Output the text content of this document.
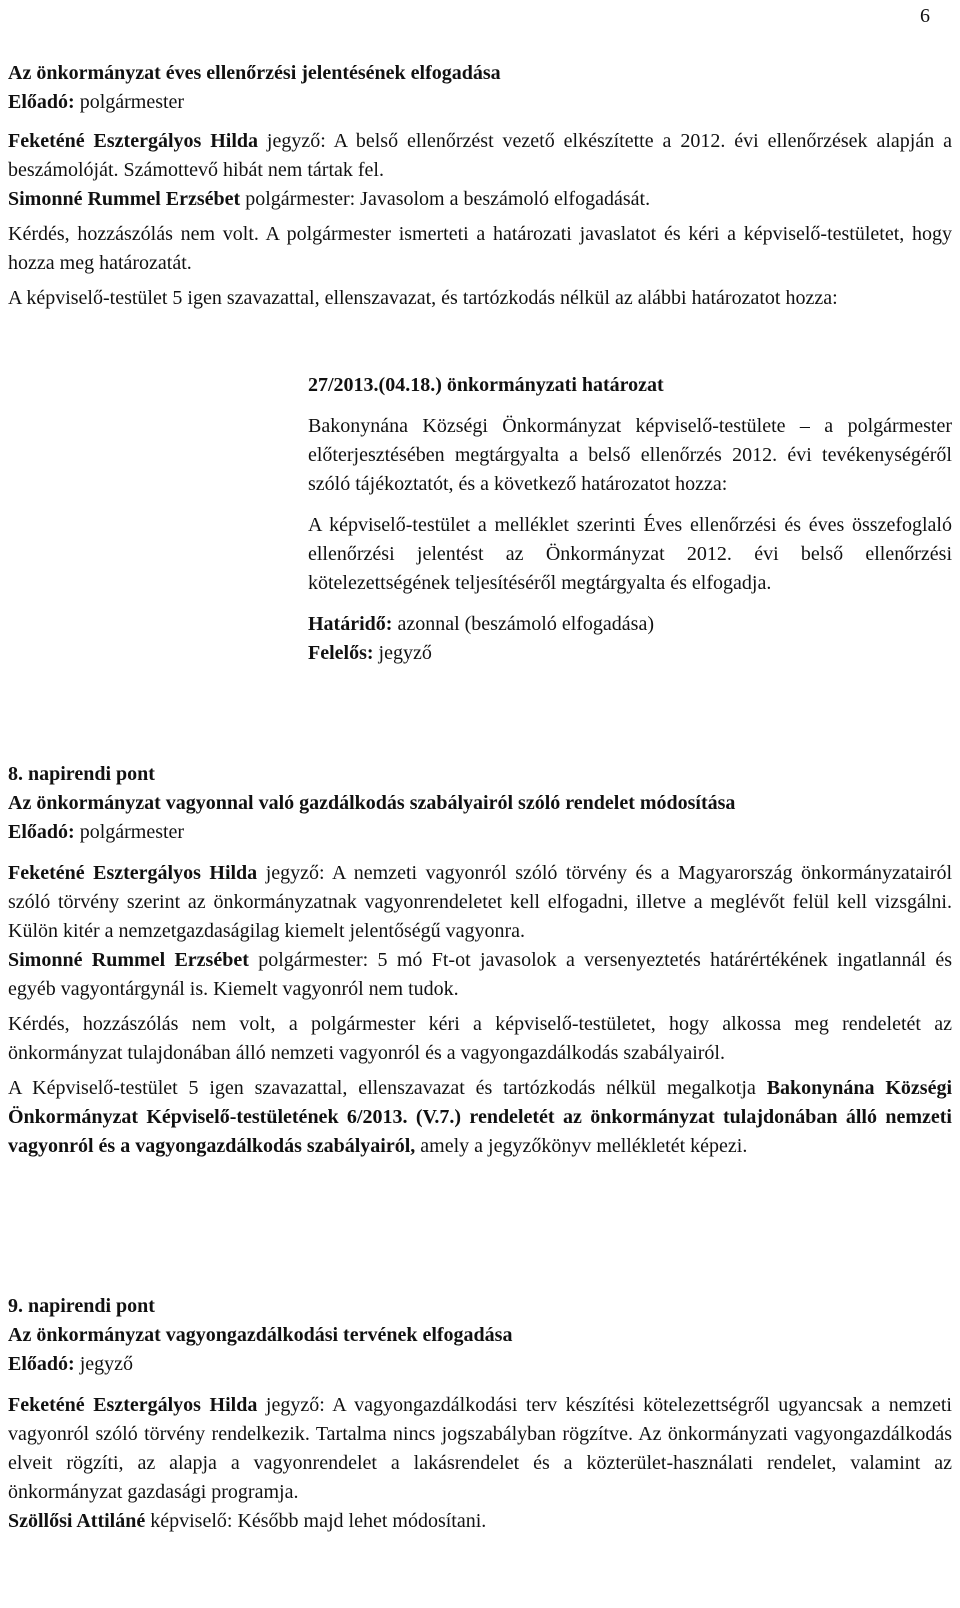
6

Az önkormányzat éves ellenőrzési jelentésének elfogadása

Előadó: polgármester

Feketéné Esztergályos Hilda jegyző: A belső ellenőrzést vezető elkészítette a 2012. évi ellenőrzések alapján a beszámolóját. Számottevő hibát nem tártak fel.

Simonné Rummel Erzsébet polgármester: Javasolom a beszámoló elfogadását.

Kérdés, hozzászólás nem volt. A polgármester ismerteti a határozati javaslatot és kéri a képviselő-testületet, hogy hozza meg határozatát.

A képviselő-testület 5 igen szavazattal, ellenszavazat, és tartózkodás nélkül az alábbi határozatot hozza:

27/2013.(04.18.) önkormányzati határozat

Bakonynána Községi Önkormányzat képviselő-testülete – a polgármester előterjesztésében megtárgyalta a belső ellenőrzés 2012. évi tevékenységéről szóló tájékoztatót, és a következő határozatot hozza:

A képviselő-testület a melléklet szerinti Éves ellenőrzési és éves összefoglaló ellenőrzési jelentést az Önkormányzat 2012. évi belső ellenőrzési kötelezettségének teljesítéséről megtárgyalta és elfogadja.

Határidő: azonnal (beszámoló elfogadása)

Felelős: jegyző

8. napirendi pont

Az önkormányzat vagyonnal való gazdálkodás szabályairól szóló rendelet módosítása

Előadó: polgármester

Feketéné Esztergályos Hilda jegyző: A nemzeti vagyonról szóló törvény és a Magyarország önkormányzatairól szóló törvény szerint az önkormányzatnak vagyonrendeletet kell elfogadni, illetve a meglévőt felül kell vizsgálni. Külön kitér a nemzetgazdaságilag kiemelt jelentőségű vagyonra.

Simonné Rummel Erzsébet polgármester: 5 mó Ft-ot javasolok a versenyeztetés határértékének ingatlannál és egyéb vagyontárgynál is. Kiemelt vagyonról nem tudok.

Kérdés, hozzászólás nem volt, a polgármester kéri a képviselő-testületet, hogy alkossa meg rendeletét az önkormányzat tulajdonában álló nemzeti vagyonról és a vagyongazdálkodás szabályairól.

A Képviselő-testület 5 igen szavazattal, ellenszavazat és tartózkodás nélkül megalkotja Bakonynána Községi Önkormányzat Képviselő-testületének 6/2013. (V.7.) rendeletét az önkormányzat tulajdonában álló nemzeti vagyonról és a vagyongazdálkodás szabályairól, amely a jegyzőkönyv mellékletét képezi.

9. napirendi pont

Az önkormányzat vagyongazdálkodási tervének elfogadása

Előadó: jegyző

Feketéné Esztergályos Hilda jegyző: A vagyongazdálkodási terv készítési kötelezettségről ugyancsak a nemzeti vagyonról szóló törvény rendelkezik. Tartalma nincs jogszabályban rögzítve. Az önkormányzati vagyongazdálkodás elveit rögzíti, az alapja a vagyonrendelet a lakásrendelet és a közterület-használati rendelet, valamint az önkormányzat gazdasági programja.

Szöllősi Attiláné képviselő: Később majd lehet módosítani.
